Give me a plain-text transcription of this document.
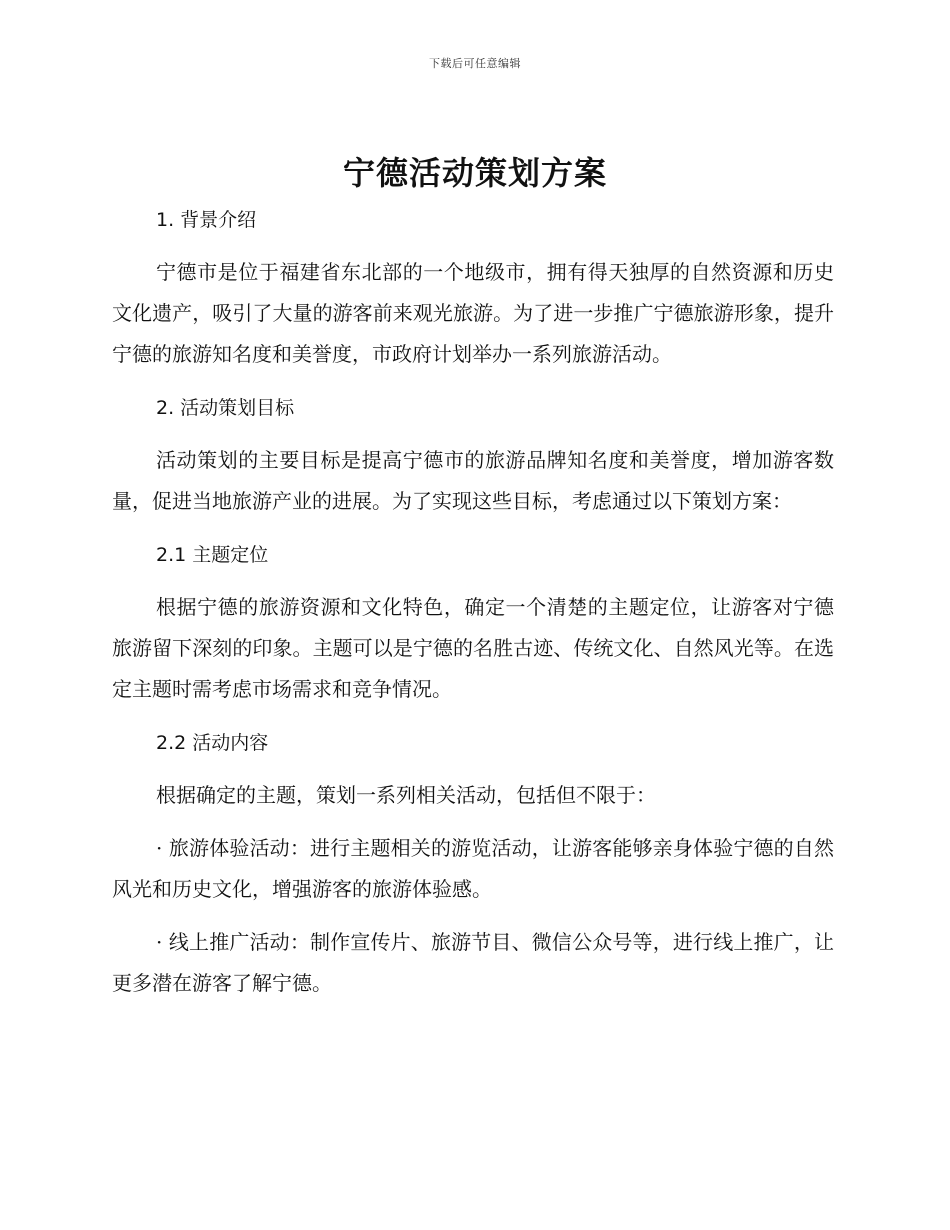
下载后可任意编辑
宁德活动策划方案
1. 背景介绍

宁德市是位于福建省东北部的一个地级市，拥有得天独厚的自然资源和历史文化遗产，吸引了大量的游客前来观光旅游。为了进一步推广宁德旅游形象，提升宁德的旅游知名度和美誉度，市政府计划举办一系列旅游活动。

2. 活动策划目标

活动策划的主要目标是提高宁德市的旅游品牌知名度和美誉度，增加游客数量，促进当地旅游产业的进展。为了实现这些目标，考虑通过以下策划方案：

2.1 主题定位

根据宁德的旅游资源和文化特色，确定一个清楚的主题定位，让游客对宁德旅游留下深刻的印象。主题可以是宁德的名胜古迹、传统文化、自然风光等。在选定主题时需考虑市场需求和竞争情况。

2.2 活动内容

根据确定的主题，策划一系列相关活动，包括但不限于：

· 旅游体验活动：进行主题相关的游览活动，让游客能够亲身体验宁德的自然风光和历史文化，增强游客的旅游体验感。

· 线上推广活动：制作宣传片、旅游节目、微信公众号等，进行线上推广，让更多潜在游客了解宁德。
